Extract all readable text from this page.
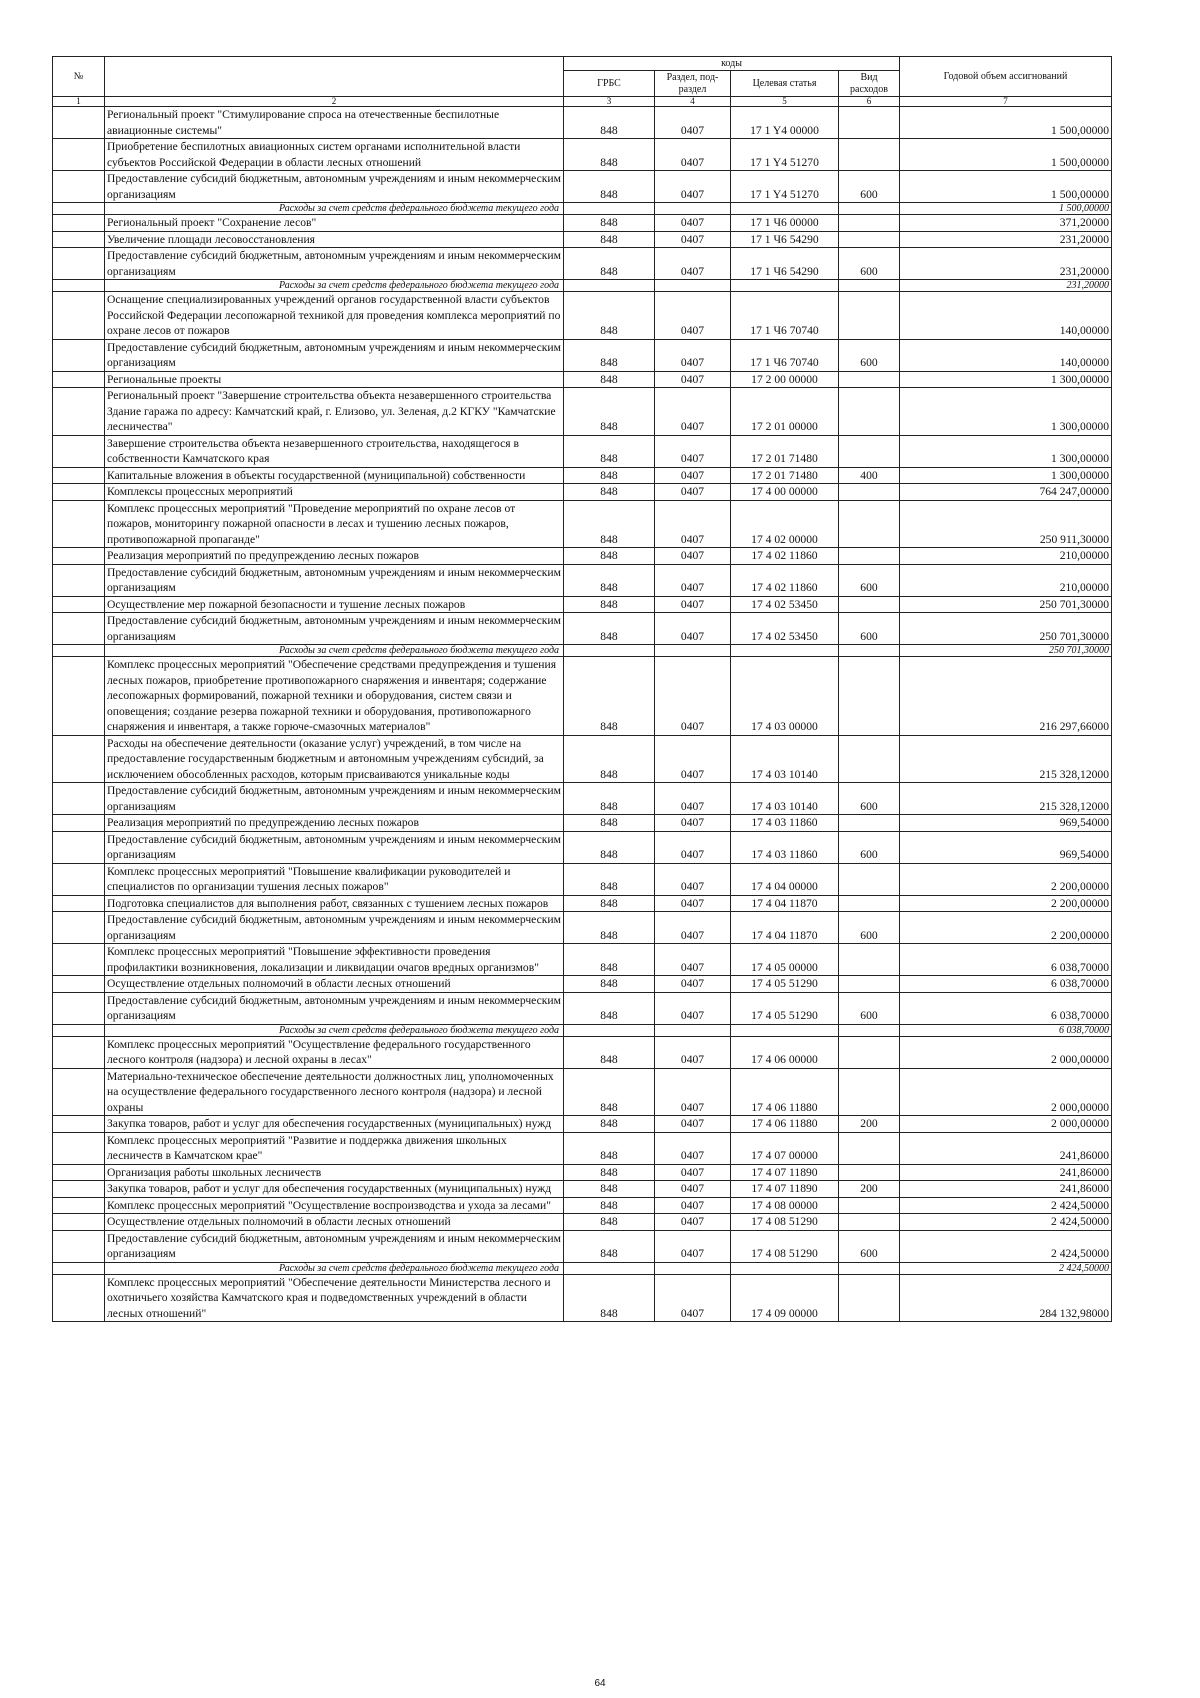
№		коды				Годовой объем ассигнований
		ГРБС	Раздел, под-раздел	Целевая статья	Вид расходов	
1	2	3	4	5	6	7
	Региональный проект "Стимулирование спроса на отечественные беспилотные авиационные системы"	848	0407	17 1 Y4 00000		1 500,00000
	Приобретение беспилотных авиационных систем органами исполнительной власти субъектов Российской Федерации в области лесных отношений	848	0407	17 1 Y4 51270		1 500,00000
	Предоставление субсидий бюджетным, автономным учреждениям и иным некоммерческим организациям	848	0407	17 1 Y4 51270	600	1 500,00000
	Расходы за счет средств федерального бюджета текущего года					1 500,00000
	Региональный проект "Сохранение лесов"	848	0407	17 1 Ч6 00000		371,20000
	Увеличение площади лесовосстановления	848	0407	17 1 Ч6 54290		231,20000
	Предоставление субсидий бюджетным, автономным учреждениям и иным некоммерческим организациям	848	0407	17 1 Ч6 54290	600	231,20000
	Расходы за счет средств федерального бюджета текущего года					231,20000
	Оснащение специализированных учреждений органов государственной власти субъектов Российской Федерации лесопожарной техникой для проведения комплекса мероприятий по охране лесов от пожаров	848	0407	17 1 Ч6 70740		140,00000
	Предоставление субсидий бюджетным, автономным учреждениям и иным некоммерческим организациям	848	0407	17 1 Ч6 70740	600	140,00000
	Региональные проекты	848	0407	17 2 00 00000		1 300,00000
	Региональный проект "Завершение строительства объекта незавершенного строительства Здание гаража по адресу: Камчатский край, г. Елизово, ул. Зеленая, д.2 КГКУ "Камчатские лесничества"	848	0407	17 2 01 00000		1 300,00000
	Завершение строительства объекта незавершенного строительства, находящегося в собственности Камчатского края	848	0407	17 2 01 71480		1 300,00000
	Капитальные вложения в объекты государственной (муниципальной) собственности	848	0407	17 2 01 71480	400	1 300,00000
	Комплексы процессных мероприятий	848	0407	17 4 00 00000		764 247,00000
	Комплекс процессных мероприятий "Проведение мероприятий по охране лесов от пожаров, мониторингу пожарной опасности в лесах и тушению лесных пожаров, противопожарной пропаганде"	848	0407	17 4 02 00000		250 911,30000
	Реализация мероприятий по предупреждению лесных пожаров	848	0407	17 4 02 11860		210,00000
	Предоставление субсидий бюджетным, автономным учреждениям и иным некоммерческим организациям	848	0407	17 4 02 11860	600	210,00000
	Осуществление мер пожарной безопасности и тушение лесных пожаров	848	0407	17 4 02 53450		250 701,30000
	Предоставление субсидий бюджетным, автономным учреждениям и иным некоммерческим организациям	848	0407	17 4 02 53450	600	250 701,30000
	Расходы за счет средств федерального бюджета текущего года					250 701,30000
	Комплекс процессных мероприятий "Обеспечение средствами предупреждения и тушения лесных пожаров, приобретение противопожарного снаряжения и инвентаря; содержание лесопожарных формирований, пожарной техники и оборудования, систем связи и оповещения; создание резерва пожарной техники и оборудования, противопожарного снаряжения и инвентаря, а также горюче-смазочных материалов"	848	0407	17 4 03 00000		216 297,66000
	Расходы на обеспечение деятельности (оказание услуг) учреждений, в том числе на предоставление государственным бюджетным и автономным учреждениям субсидий, за исключением обособленных расходов, которым присваиваются уникальные коды	848	0407	17 4 03 10140		215 328,12000
	Предоставление субсидий бюджетным, автономным учреждениям и иным некоммерческим организациям	848	0407	17 4 03 10140	600	215 328,12000
	Реализация мероприятий по предупреждению лесных пожаров	848	0407	17 4 03 11860		969,54000
	Предоставление субсидий бюджетным, автономным учреждениям и иным некоммерческим организациям	848	0407	17 4 03 11860	600	969,54000
	Комплекс процессных мероприятий "Повышение квалификации руководителей и специалистов по организации тушения лесных пожаров"	848	0407	17 4 04 00000		2 200,00000
	Подготовка специалистов для выполнения работ, связанных с тушением лесных пожаров	848	0407	17 4 04 11870		2 200,00000
	Предоставление субсидий бюджетным, автономным учреждениям и иным некоммерческим организациям	848	0407	17 4 04 11870	600	2 200,00000
	Комплекс процессных мероприятий "Повышение эффективности проведения профилактики возникновения, локализации и ликвидации очагов вредных организмов"	848	0407	17 4 05 00000		6 038,70000
	Осуществление отдельных полномочий в области лесных отношений	848	0407	17 4 05 51290		6 038,70000
	Предоставление субсидий бюджетным, автономным учреждениям и иным некоммерческим организациям	848	0407	17 4 05 51290	600	6 038,70000
	Расходы за счет средств федерального бюджета текущего года					6 038,70000
	Комплекс процессных мероприятий "Осуществление федерального государственного лесного контроля (надзора) и лесной охраны в лесах"	848	0407	17 4 06 00000		2 000,00000
	Материально-техническое обеспечение деятельности должностных лиц, уполномоченных на осуществление федерального государственного лесного контроля (надзора) и лесной охраны	848	0407	17 4 06 11880		2 000,00000
	Закупка товаров, работ и услуг для обеспечения государственных (муниципальных) нужд	848	0407	17 4 06 11880	200	2 000,00000
	Комплекс процессных мероприятий "Развитие и поддержка движения школьных лесничеств в Камчатском крае"	848	0407	17 4 07 00000		241,86000
	Организация работы школьных лесничеств	848	0407	17 4 07 11890		241,86000
	Закупка товаров, работ и услуг для обеспечения государственных (муниципальных) нужд	848	0407	17 4 07 11890	200	241,86000
	Комплекс процессных мероприятий "Осуществление воспроизводства и ухода за лесами"	848	0407	17 4 08 00000		2 424,50000
	Осуществление отдельных полномочий в области лесных отношений	848	0407	17 4 08 51290		2 424,50000
	Предоставление субсидий бюджетным, автономным учреждениям и иным некоммерческим организациям	848	0407	17 4 08 51290	600	2 424,50000
	Расходы за счет средств федерального бюджета текущего года					2 424,50000
	Комплекс процессных мероприятий "Обеспечение деятельности Министерства лесного и охотничьего хозяйства Камчатского края и подведомственных учреждений в области лесных отношений"	848	0407	17 4 09 00000		284 132,98000
64
